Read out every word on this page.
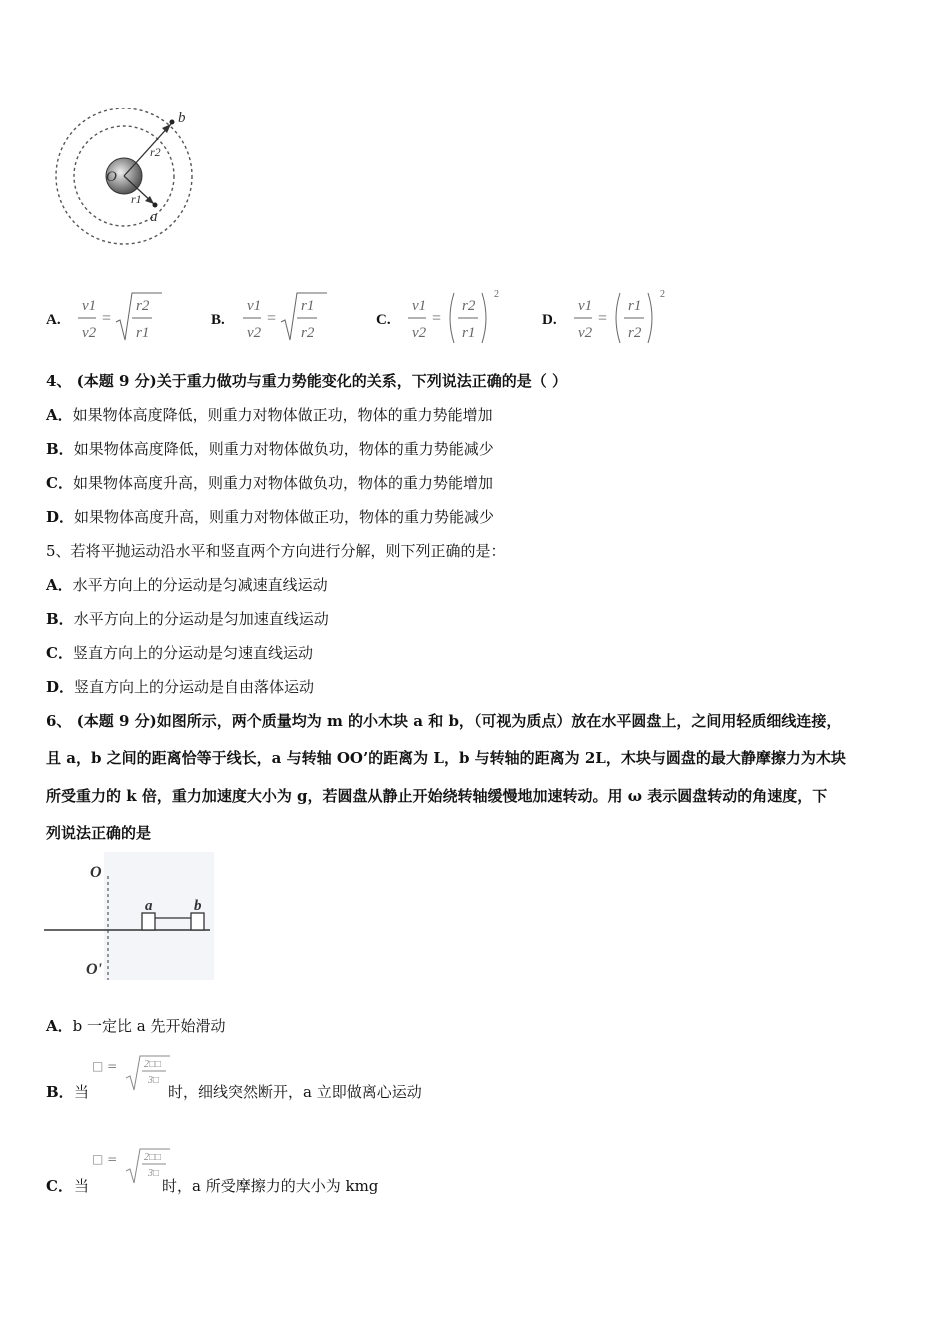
O
b
a
r1
r2
A.
v1
v2
=
r2
r1
B.
v1
v2
=
r1
r2
C.
v1
v2
=
r2
r1
2
D.
v1
v2
=
r1
r2
2
4、 (本题 9 分)关于重力做功与重力势能变化的关系，下列说法正确的是（ ）
A．如果物体高度降低，则重力对物体做正功，物体的重力势能增加
B．如果物体高度降低，则重力对物体做负功，物体的重力势能减少
C．如果物体高度升高，则重力对物体做负功，物体的重力势能增加
D．如果物体高度升高，则重力对物体做正功，物体的重力势能减少
5、若将平抛运动沿水平和竖直两个方向进行分解，则下列正确的是：
A．水平方向上的分运动是匀减速直线运动
B．水平方向上的分运动是匀加速直线运动
C．竖直方向上的分运动是匀速直线运动
D．竖直方向上的分运动是自由落体运动
6、 (本题 9 分)如图所示，两个质量均为 m 的小木块 a 和 b，（可视为质点）放在水平圆盘上，之间用轻质细线连接，
且 a，b 之间的距离恰等于线长，a 与转轴 OO’的距离为 L，b 与转轴的距离为 2L，木块与圆盘的最大静摩擦力为木块
所受重力的 k 倍，重力加速度大小为 g，若圆盘从静止开始绕转轴缓慢地加速转动。用 ω 表示圆盘转动的角速度，下
列说法正确的是
O
O'
a	b
A．b 一定比 a 先开始滑动
B． 当
□ =	2□□
3□
时，细线突然断开，a 立即做离心运动
C． 当
□ =	2□□
3□
时，a 所受摩擦力的大小为 kmg
